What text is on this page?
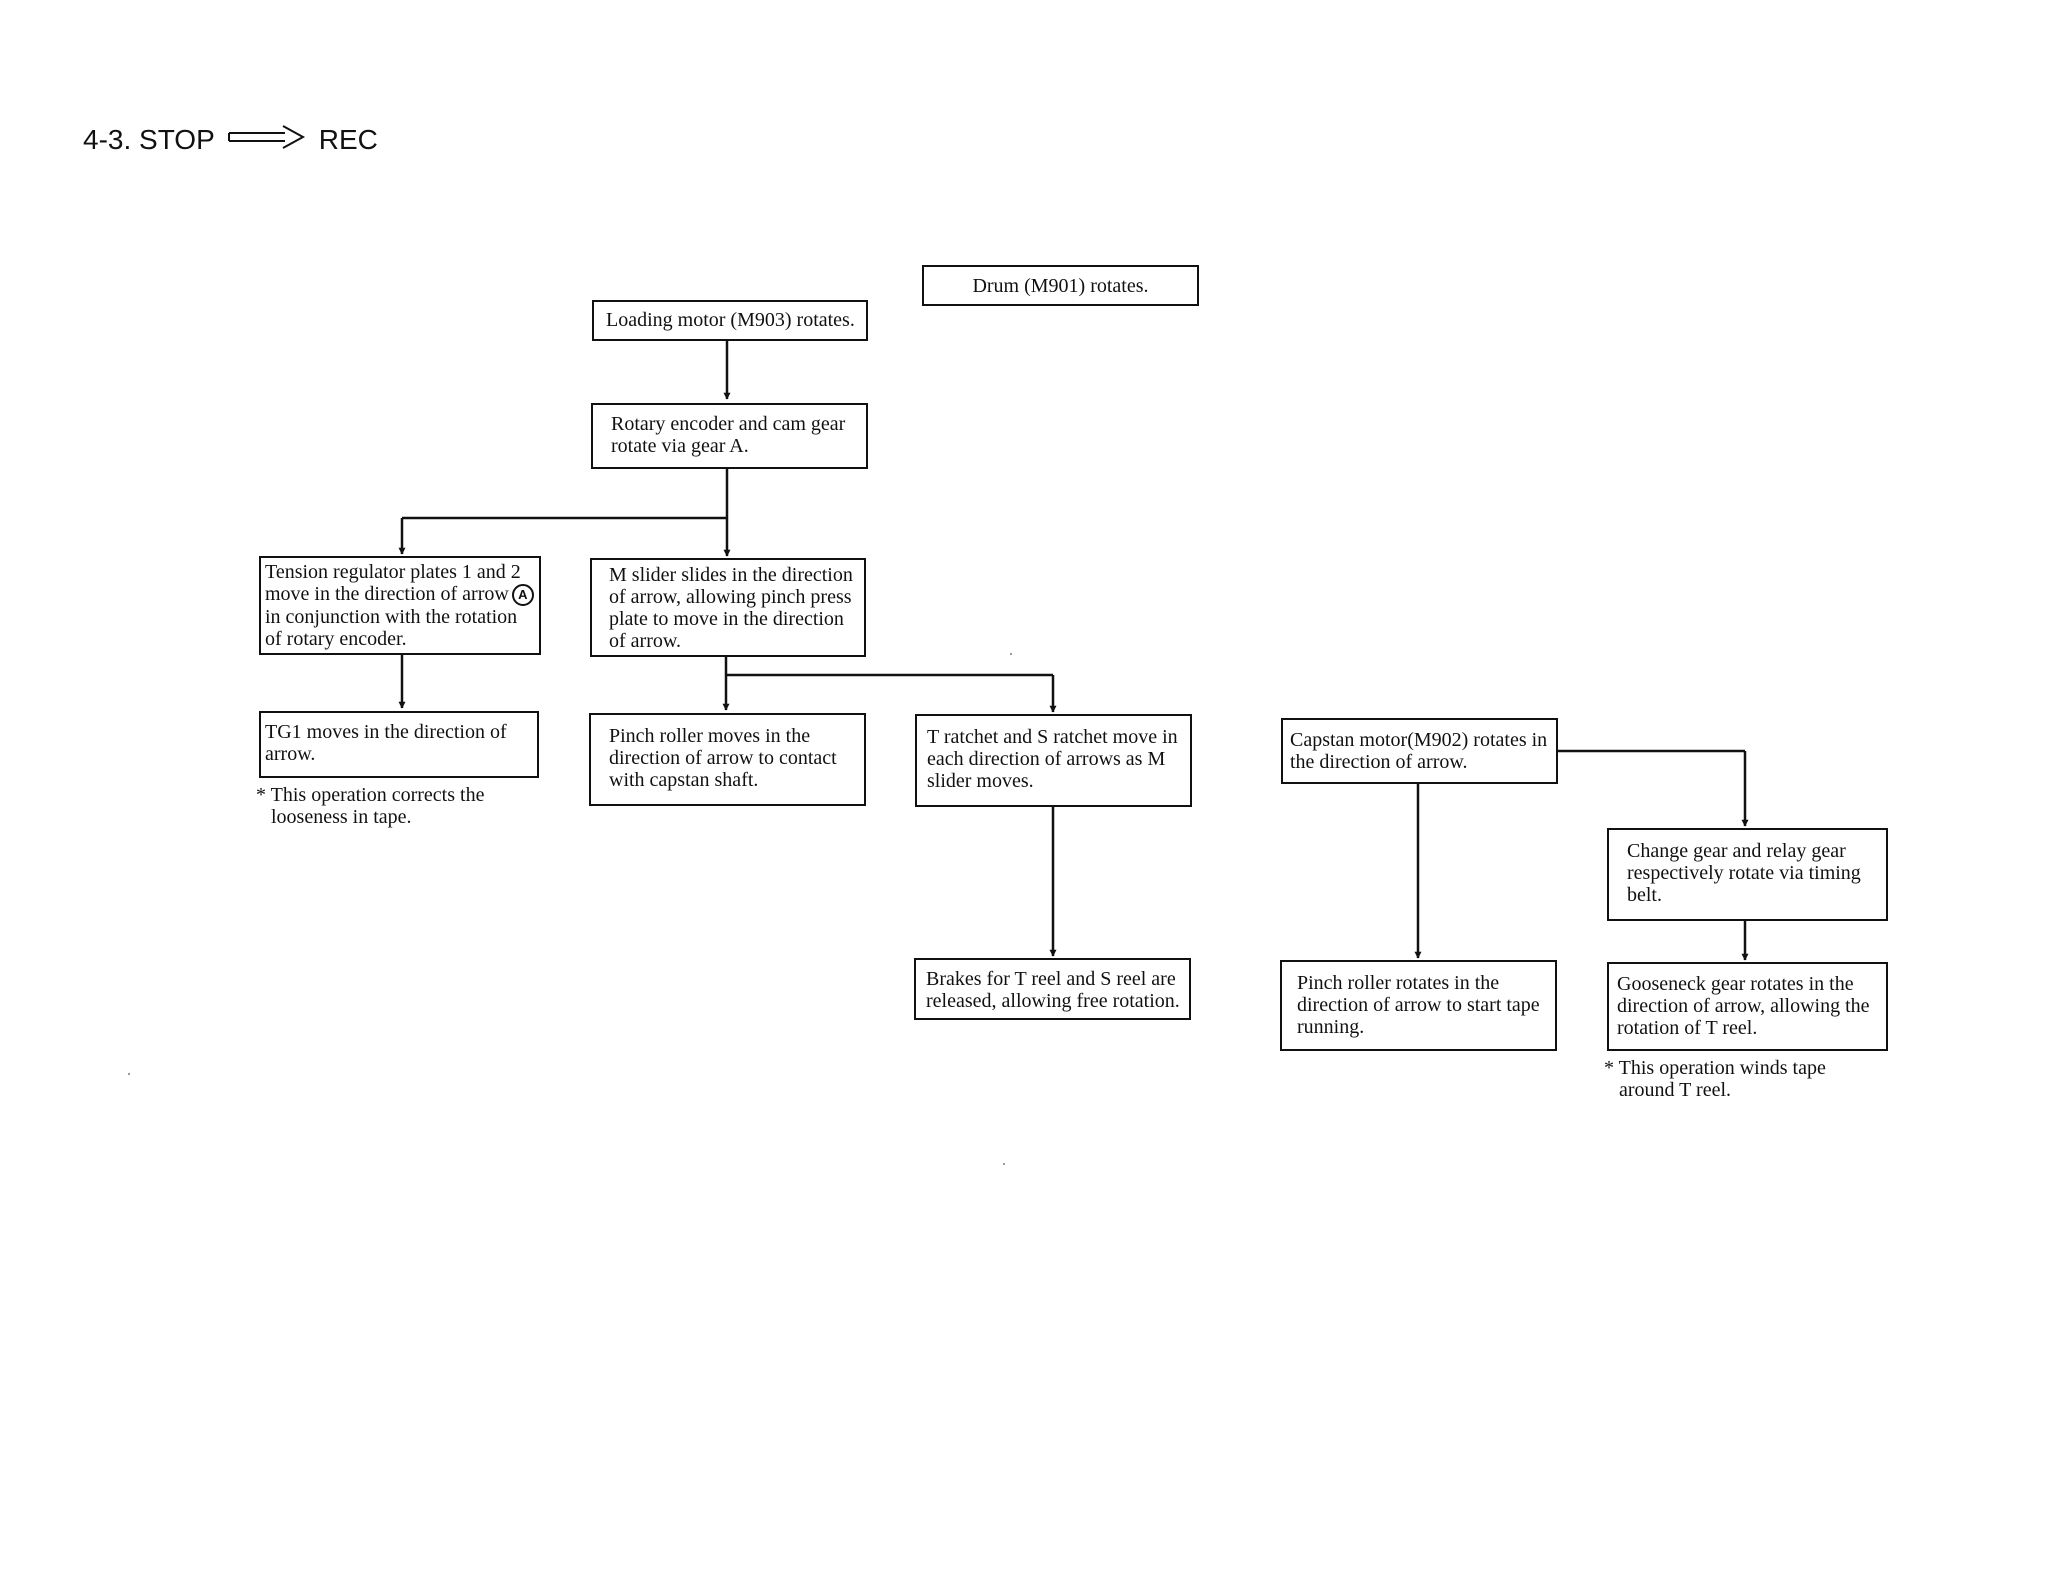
4-3.
STOP	REC
Drum (M901) rotates.
Loading motor (M903) rotates.
Rotary encoder and cam gear
rotate via gear A.
Tension regulator plates 1 and 2
move in the direction of arrow A
in conjunction with the rotation
of rotary encoder.
M slider slides in the direction
of arrow, allowing pinch press
plate to move in the direction
of arrow.
TG1 moves in the direction of
arrow.
Pinch roller moves in the
direction of arrow to contact
with capstan shaft.
T ratchet and S ratchet move in
each direction of arrows as M
slider moves.
Capstan motor(M902) rotates in
the direction of arrow.
Change gear and relay gear
respectively rotate via timing
belt.
Brakes for T reel and S reel are
released, allowing free rotation.
Pinch roller rotates in the
direction of arrow to start tape
running.
Gooseneck gear rotates in the
direction of arrow, allowing the
rotation of T reel.
* This operation corrects the
looseness in tape.
* This operation winds tape
around T reel.
